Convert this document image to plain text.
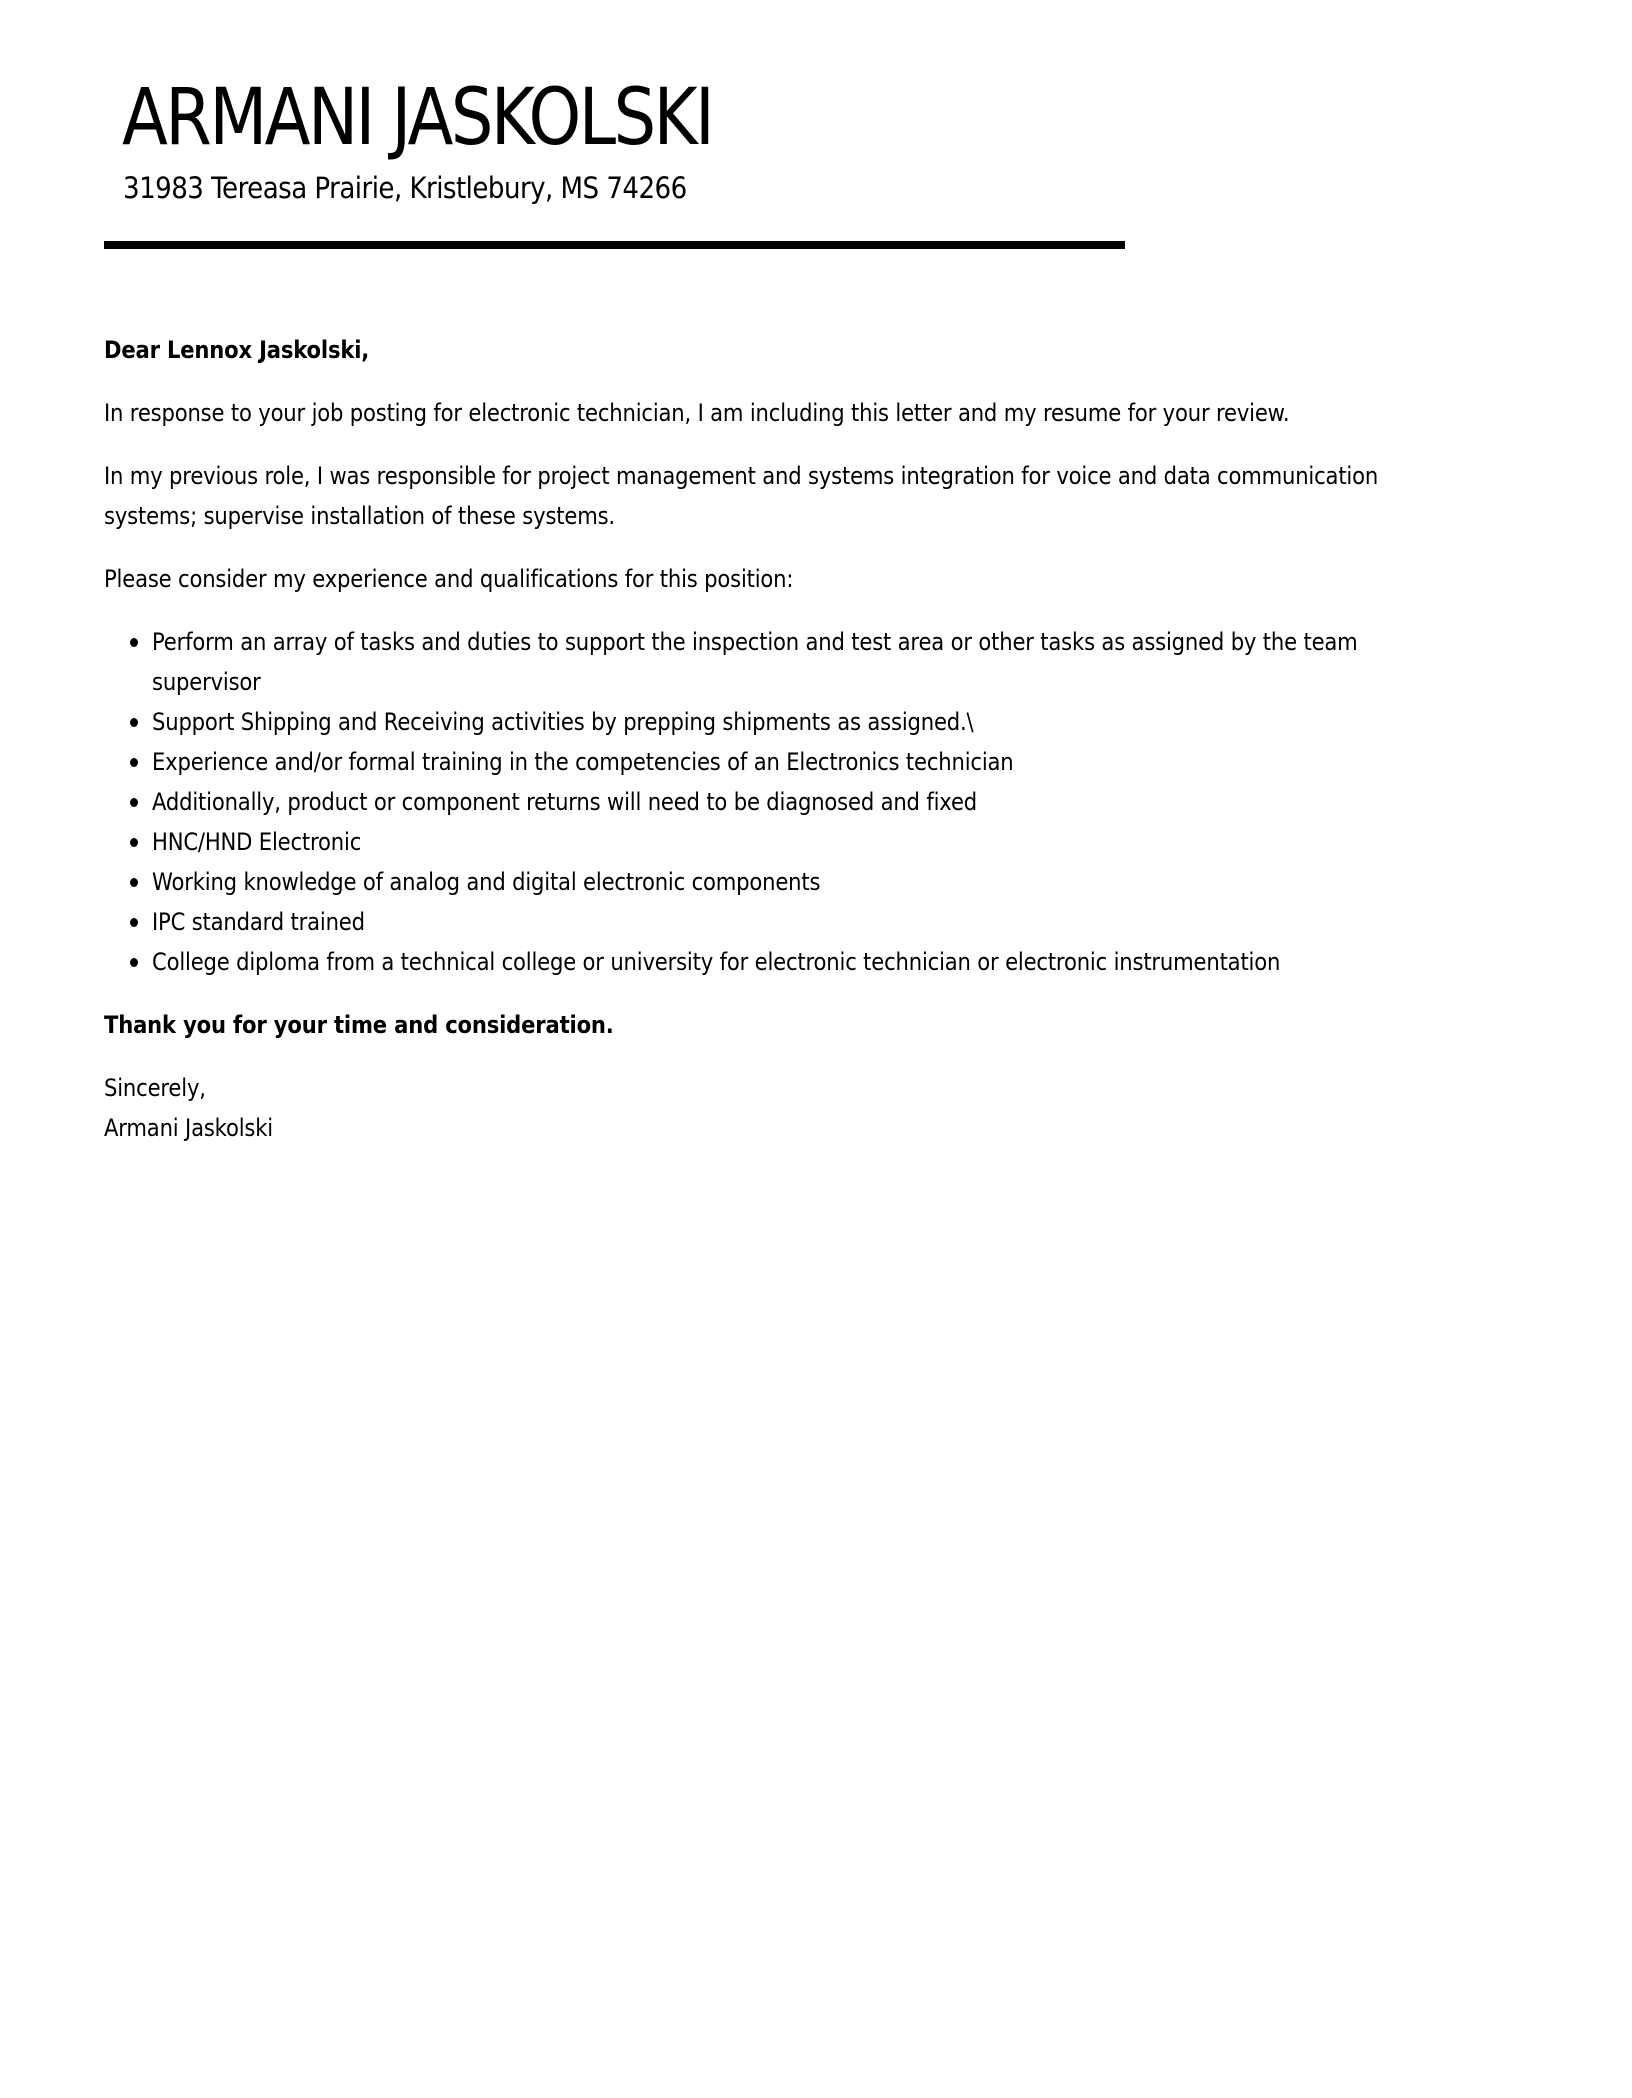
ARMANI JASKOLSKI
31983 Tereasa Prairie, Kristlebury, MS 74266

Dear Lennox Jaskolski,

In response to your job posting for electronic technician, I am including this letter and my resume for your review.

In my previous role, I was responsible for project management and systems integration for voice and data communication
systems; supervise installation of these systems.

Please consider my experience and qualifications for this position:

Perform an array of tasks and duties to support the inspection and test area or other tasks as assigned by the team
supervisor
Support Shipping and Receiving activities by prepping shipments as assigned.\
Experience and/or formal training in the competencies of an Electronics technician
Additionally, product or component returns will need to be diagnosed and fixed
HNC/HND Electronic
Working knowledge of analog and digital electronic components
IPC standard trained
College diploma from a technical college or university for electronic technician or electronic instrumentation

Thank you for your time and consideration.

Sincerely,

Armani Jaskolski
